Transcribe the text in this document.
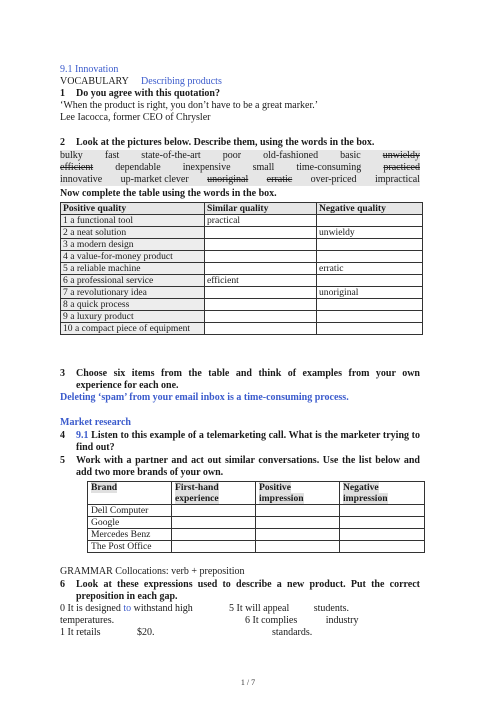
9.1 Innovation
VOCABULARY Describing products
1 Do you agree with this quotation?
‘When the product is right, you don’t have to be a great marker.’
Lee Iacocca, former CEO of Chrysler
2 Look at the pictures below. Describe them, using the words in the box.
bulky fast state-of-the-art poor old-fashioned basic unwieldy
efficient dependable inexpensive small time-consuming practiced
innovative up-market clever unoriginal erratic over-priced impractical
Now complete the table using the words in the box.
Positive quality	Similar quality	Negative quality
1 a functional tool	practical	
2 a neat solution		unwieldy
3 a modern design		
4 a value-for-money product		
5 a reliable machine		erratic
6 a professional service	efficient	
7 a revolutionary idea		unoriginal
8 a quick process		
9 a luxury product		
10 a compact piece of equipment		
3	Choose six items from the table and think of examples from your own experience for each one.
Deleting ‘spam’ from your email inbox is a time-consuming process.
Market research
4	9.1 Listen to this example of a telemarketing call. What is the marketer trying to find out?
5	Work with a partner and act out similar conversations. Use the list below and add two more brands of your own.
Brand	First-hand experience	Positive impression	Negative impression
Dell Computer			
Google			
Mercedes Benz			
The Post Office			
GRAMMAR Collocations: verb + preposition
6	Look at these expressions used to describe a new product. Put the correct preposition in each gap.
0 It is designed to withstand high	5 It will appeal students.
temperatures.	6 It complies	industry
1 It retails	$20.	standards.
1 / 7
